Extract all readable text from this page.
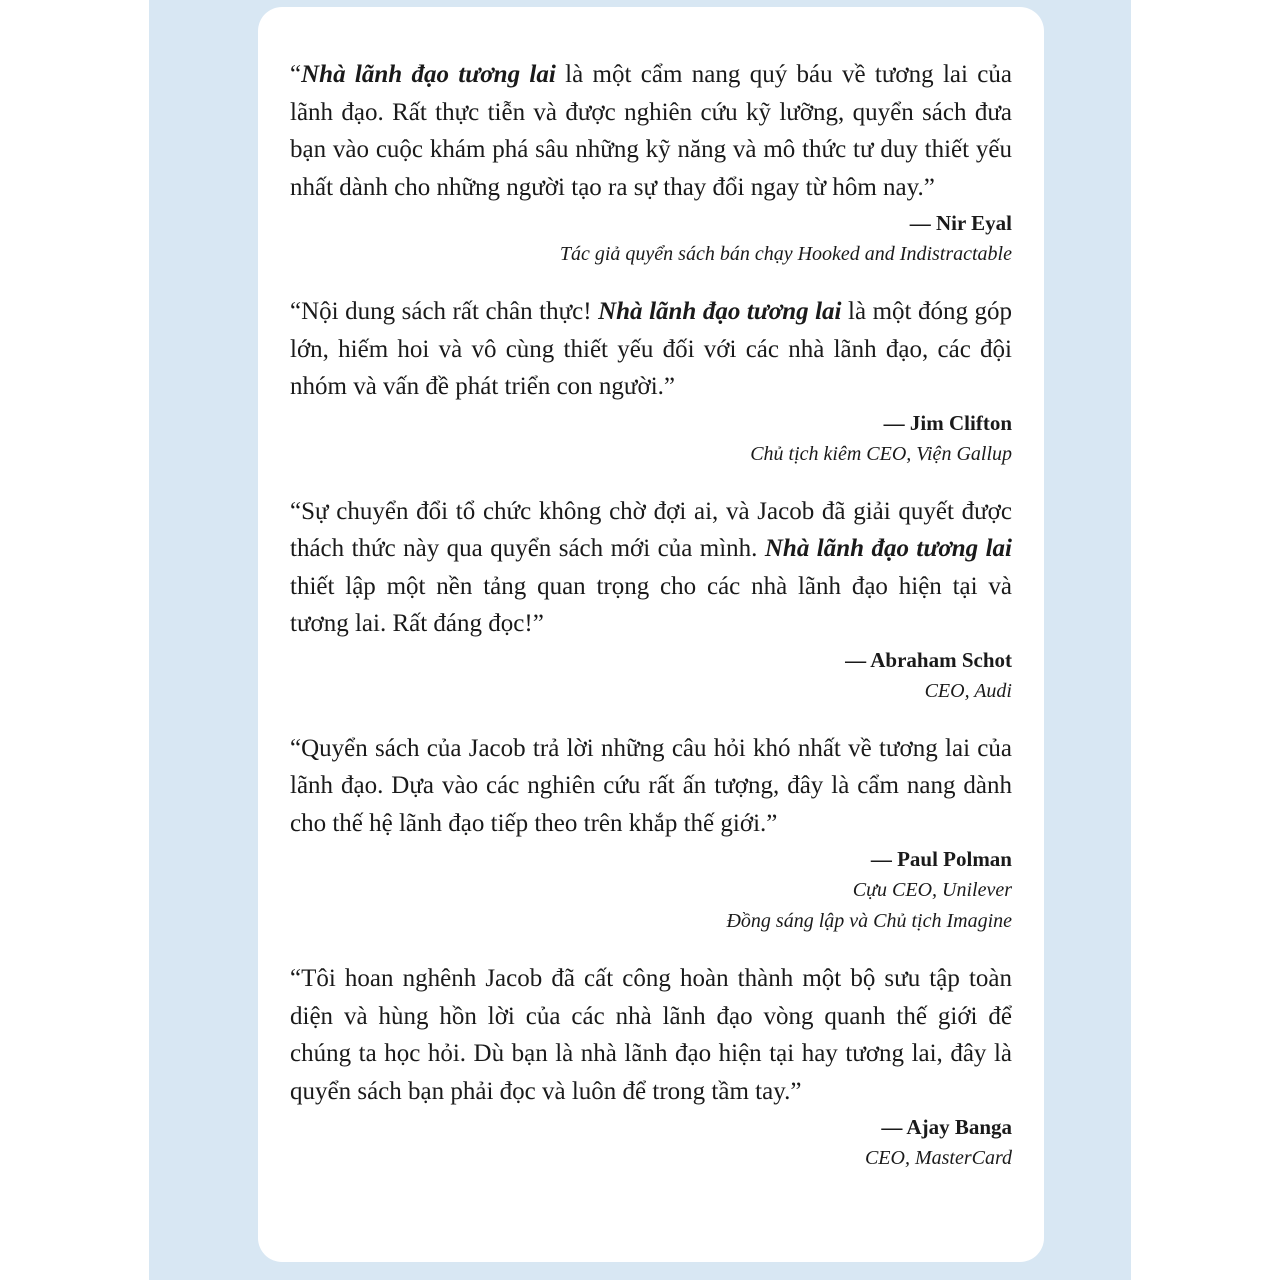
“Nhà lãnh đạo tương lai là một cẩm nang quý báu về tương lai của lãnh đạo. Rất thực tiễn và được nghiên cứu kỹ lưỡng, quyển sách đưa bạn vào cuộc khám phá sâu những kỹ năng và mô thức tư duy thiết yếu nhất dành cho những người tạo ra sự thay đổi ngay từ hôm nay.”

— Nir Eyal
Tác giả quyển sách bán chạy Hooked and Indistractable

“Nội dung sách rất chân thực! Nhà lãnh đạo tương lai là một đóng góp lớn, hiếm hoi và vô cùng thiết yếu đối với các nhà lãnh đạo, các đội nhóm và vấn đề phát triển con người.”

— Jim Clifton
Chủ tịch kiêm CEO, Viện Gallup

“Sự chuyển đổi tổ chức không chờ đợi ai, và Jacob đã giải quyết được thách thức này qua quyển sách mới của mình. Nhà lãnh đạo tương lai thiết lập một nền tảng quan trọng cho các nhà lãnh đạo hiện tại và tương lai. Rất đáng đọc!”

— Abraham Schot
CEO, Audi

“Quyển sách của Jacob trả lời những câu hỏi khó nhất về tương lai của lãnh đạo. Dựa vào các nghiên cứu rất ấn tượng, đây là cẩm nang dành cho thế hệ lãnh đạo tiếp theo trên khắp thế giới.”

— Paul Polman
Cựu CEO, Unilever
Đồng sáng lập và Chủ tịch Imagine

“Tôi hoan nghênh Jacob đã cất công hoàn thành một bộ sưu tập toàn diện và hùng hồn lời của các nhà lãnh đạo vòng quanh thế giới để chúng ta học hỏi. Dù bạn là nhà lãnh đạo hiện tại hay tương lai, đây là quyển sách bạn phải đọc và luôn để trong tầm tay.”

— Ajay Banga
CEO, MasterCard
